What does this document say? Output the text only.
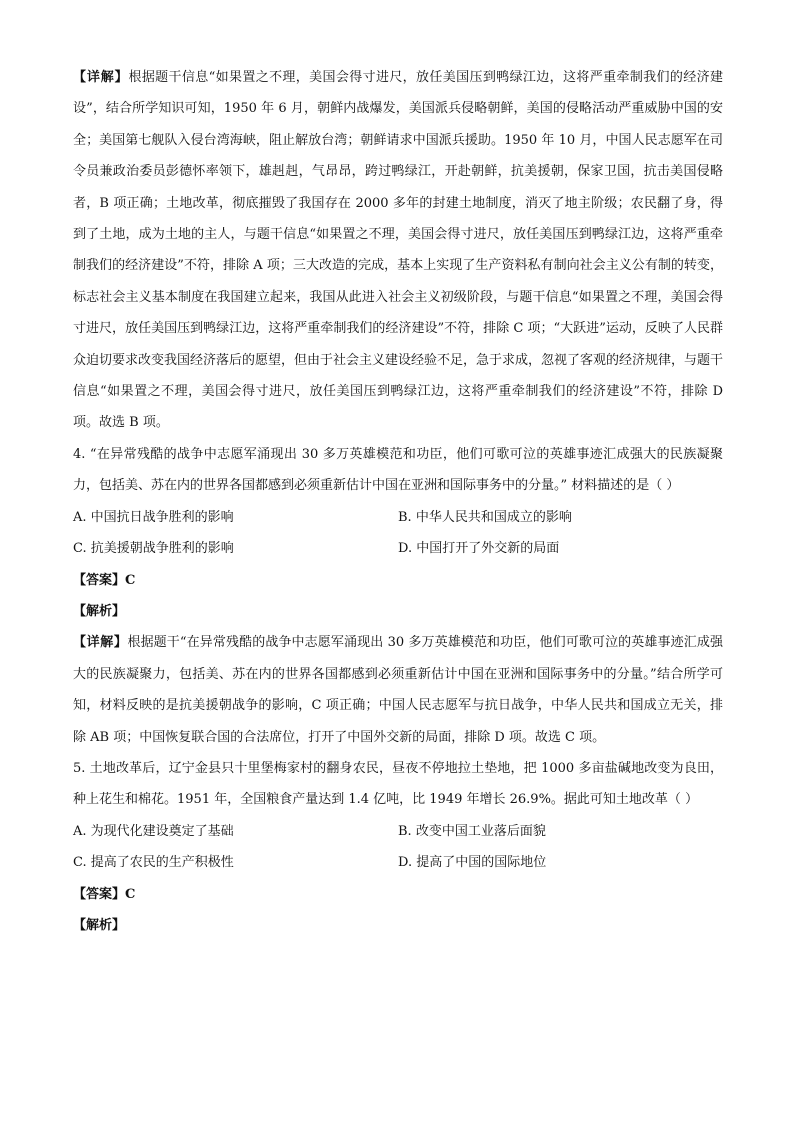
【详解】根据题干信息“如果置之不理，美国会得寸进尺，放任美国压到鸭绿江边，这将严重牵制我们的经济建设”，结合所学知识可知，1950 年 6 月，朝鲜内战爆发，美国派兵侵略朝鲜，美国的侵略活动严重威胁中国的安全；美国第七舰队入侵台湾海峡，阻止解放台湾；朝鲜请求中国派兵援助。1950 年 10 月，中国人民志愿军在司令员兼政治委员彭德怀率领下，雄赳赳，气昂昂，跨过鸭绿江，开赴朝鲜，抗美援朝，保家卫国，抗击美国侵略者，B 项正确；土地改革，彻底摧毁了我国存在 2000 多年的封建土地制度，消灭了地主阶级；农民翻了身，得到了土地，成为土地的主人，与题干信息“如果置之不理，美国会得寸进尺，放任美国压到鸭绿江边，这将严重牵制我们的经济建设”不符，排除 A 项；三大改造的完成，基本上实现了生产资料私有制向社会主义公有制的转变，标志社会主义基本制度在我国建立起来，我国从此进入社会主义初级阶段，与题干信息“如果置之不理，美国会得寸进尺，放任美国压到鸭绿江边，这将严重牵制我们的经济建设”不符，排除 C 项；“大跃进”运动，反映了人民群众迫切要求改变我国经济落后的愿望，但由于社会主义建设经验不足，急于求成，忽视了客观的经济规律，与题干信息“如果置之不理，美国会得寸进尺，放任美国压到鸭绿江边，这将严重牵制我们的经济建设”不符，排除 D 项。故选 B 项。

4. “在异常残酷的战争中志愿军涌现出 30 多万英雄模范和功臣，他们可歌可泣的英雄事迹汇成强大的民族凝聚力，包括美、苏在内的世界各国都感到必须重新估计中国在亚洲和国际事务中的分量。” 材料描述的是（ ）

A. 中国抗日战争胜利的影响	B. 中华人民共和国成立的影响
C. 抗美援朝战争胜利的影响	D. 中国打开了外交新的局面

【答案】C

【解析】

【详解】根据题干“在异常残酷的战争中志愿军涌现出 30 多万英雄模范和功臣，他们可歌可泣的英雄事迹汇成强大的民族凝聚力，包括美、苏在内的世界各国都感到必须重新估计中国在亚洲和国际事务中的分量。”结合所学可知，材料反映的是抗美援朝战争的影响，C 项正确；中国人民志愿军与抗日战争，中华人民共和国成立无关，排除 AB 项；中国恢复联合国的合法席位，打开了中国外交新的局面，排除 D 项。故选 C 项。

5. 土地改革后，辽宁金县只十里堡梅家村的翻身农民，昼夜不停地拉土垫地，把 1000 多亩盐碱地改变为良田，种上花生和棉花。1951 年，全国粮食产量达到 1.4 亿吨，比 1949 年增长 26.9%。据此可知土地改革（ ）

A. 为现代化建设奠定了基础	B. 改变中国工业落后面貌
C. 提高了农民的生产积极性	D. 提高了中国的国际地位

【答案】C

【解析】
